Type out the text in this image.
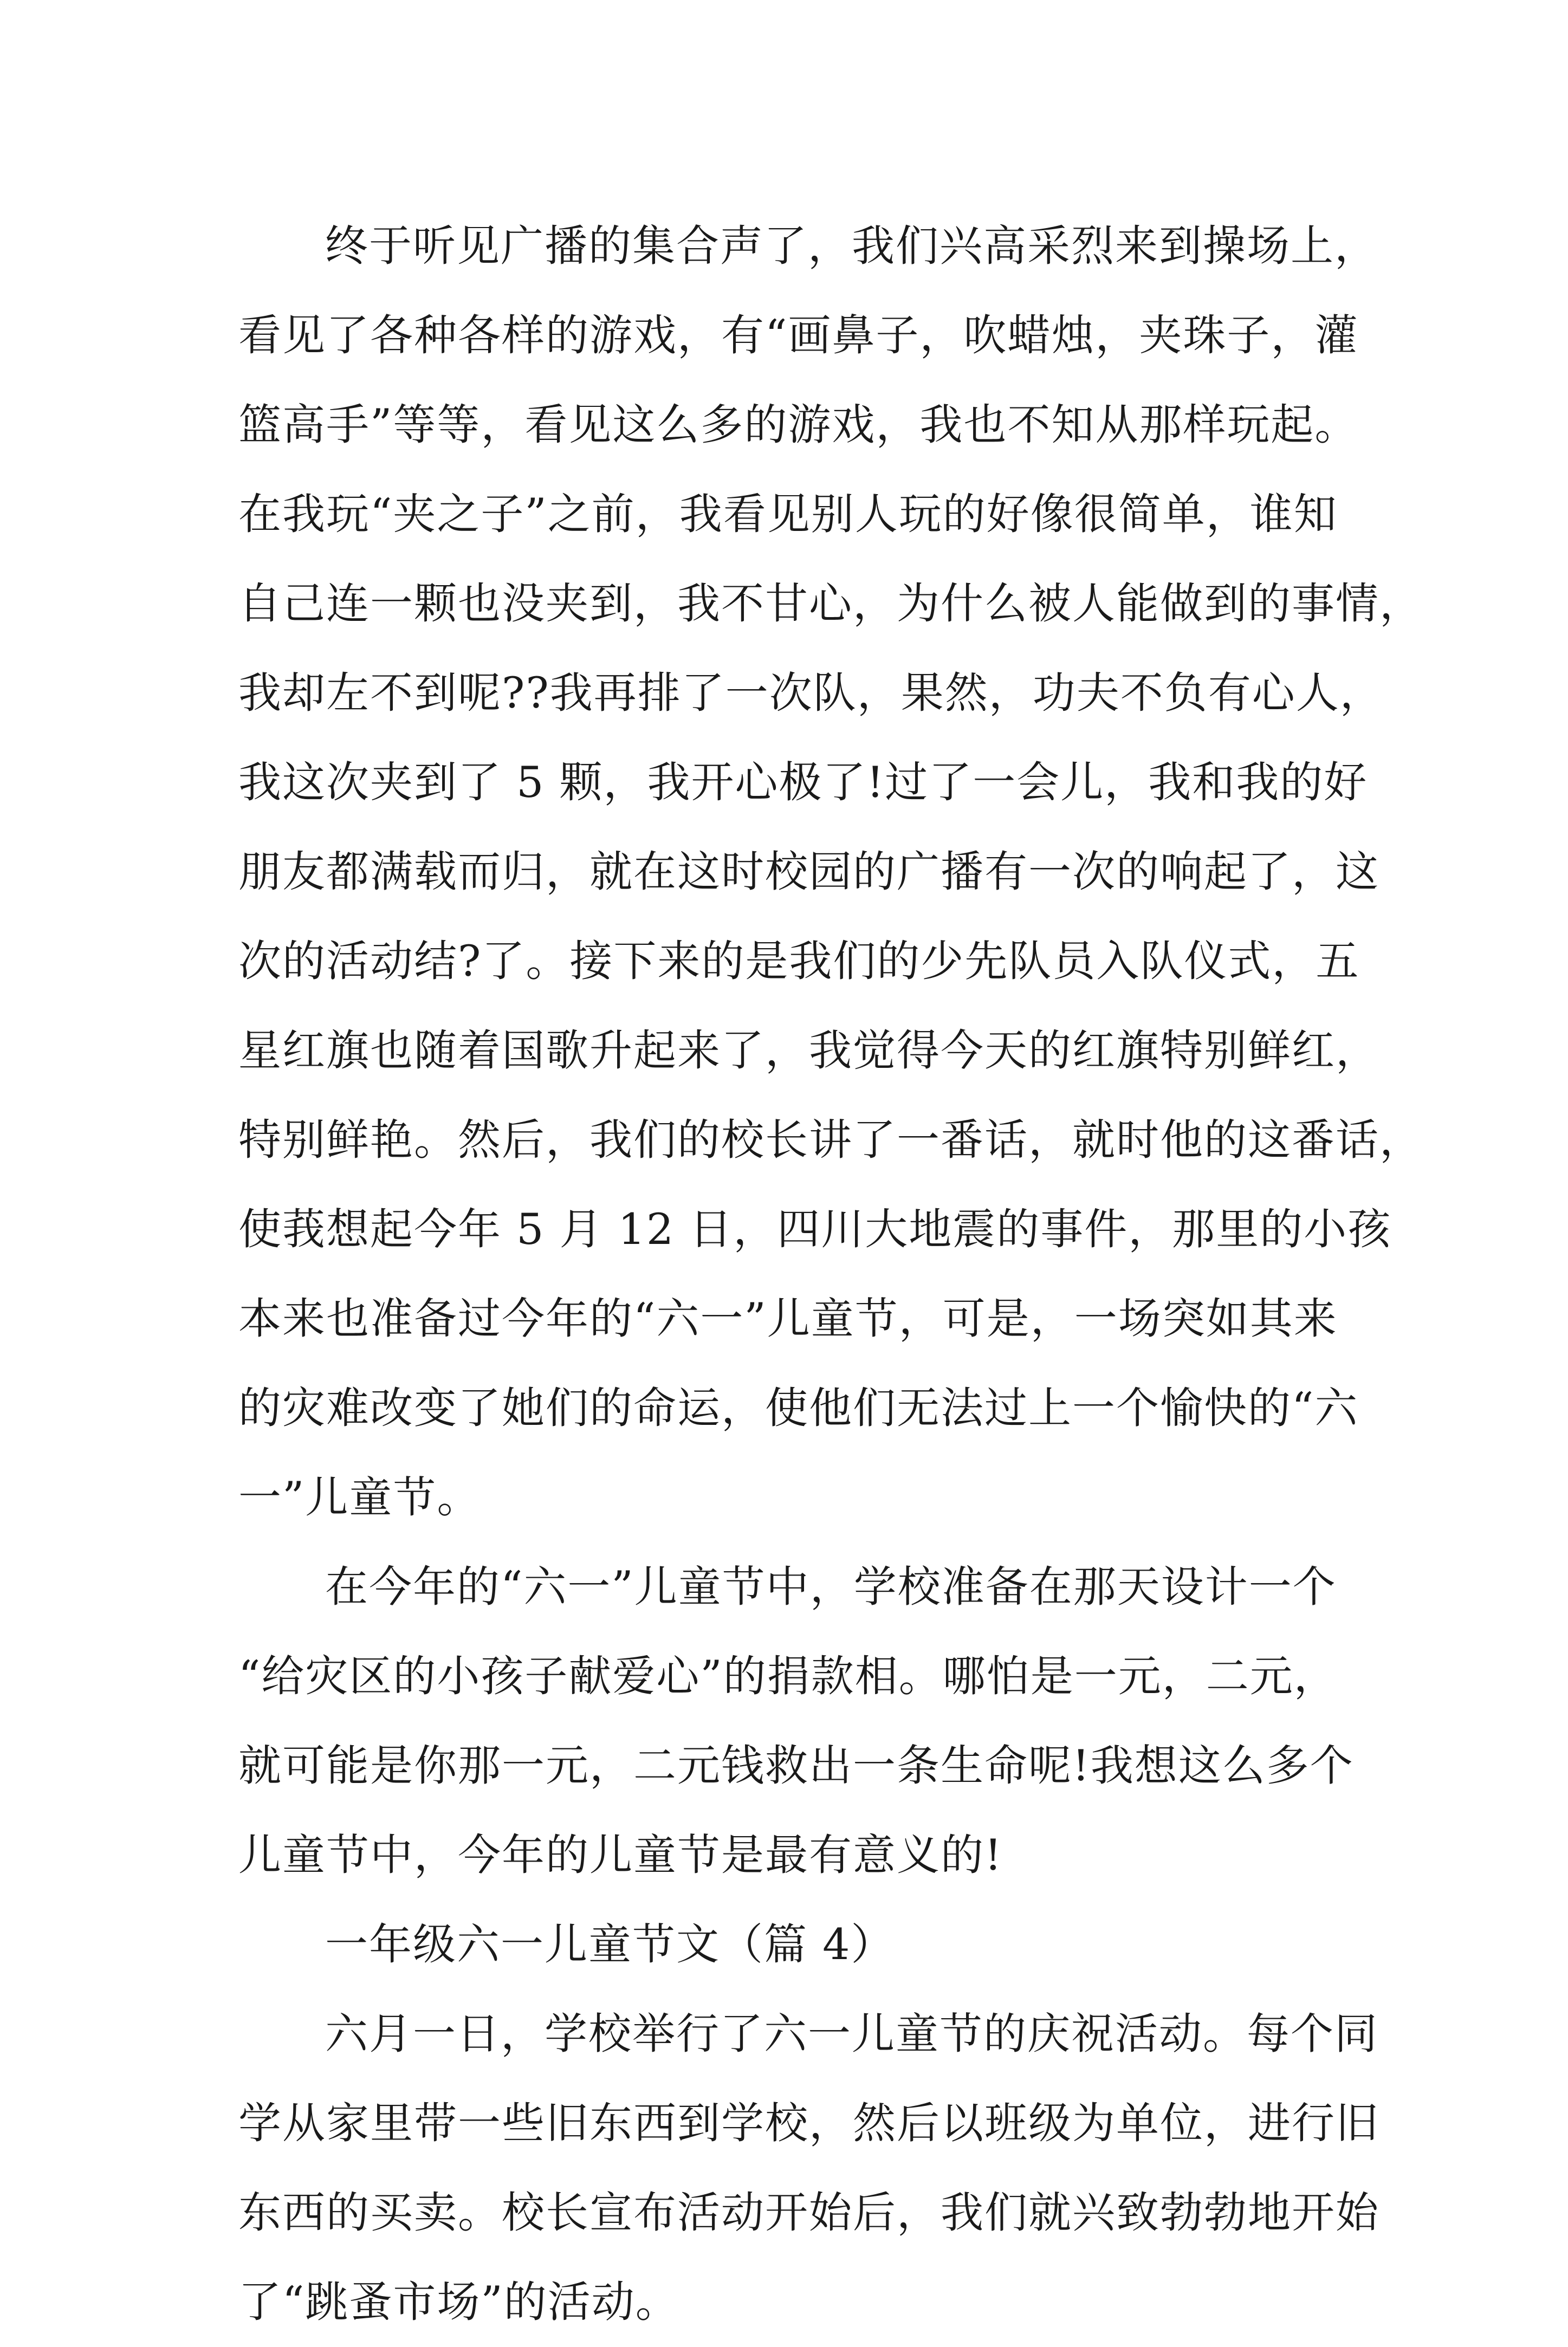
终于听见广播的集合声了，我们兴高采烈来到操场上，
看见了各种各样的游戏，有“画鼻子，吹蜡烛，夹珠子，灌
篮高手”等等，看见这么多的游戏，我也不知从那样玩起。
在我玩“夹之子”之前，我看见别人玩的好像很简单，谁知
自己连一颗也没夹到，我不甘心，为什么被人能做到的事情，
我却左不到呢??我再排了一次队，果然，功夫不负有心人，
我这次夹到了 5 颗，我开心极了!过了一会儿，我和我的好
朋友都满载而归，就在这时校园的广播有一次的响起了，这
次的活动结?了。接下来的是我们的少先队员入队仪式，五
星红旗也随着国歌升起来了，我觉得今天的红旗特别鲜红，
特别鲜艳。然后，我们的校长讲了一番话，就时他的这番话，
使莪想起今年 5 月 12 日，四川大地震的事件，那里的小孩
本来也准备过今年的“六一”儿童节，可是，一场突如其来
的灾难改变了她们的命运，使他们无法过上一个愉快的“六
一”儿童节。
在今年的“六一”儿童节中，学校准备在那天设计一个
“给灾区的小孩子献爱心”的捐款相。哪怕是一元，二元，
就可能是你那一元，二元钱救出一条生命呢!我想这么多个
儿童节中，今年的儿童节是最有意义的!
一年级六一儿童节文（篇 4）
六月一日，学校举行了六一儿童节的庆祝活动。每个同
学从家里带一些旧东西到学校，然后以班级为单位，进行旧
东西的买卖。校长宣布活动开始后，我们就兴致勃勃地开始
了“跳蚤市场”的活动。
